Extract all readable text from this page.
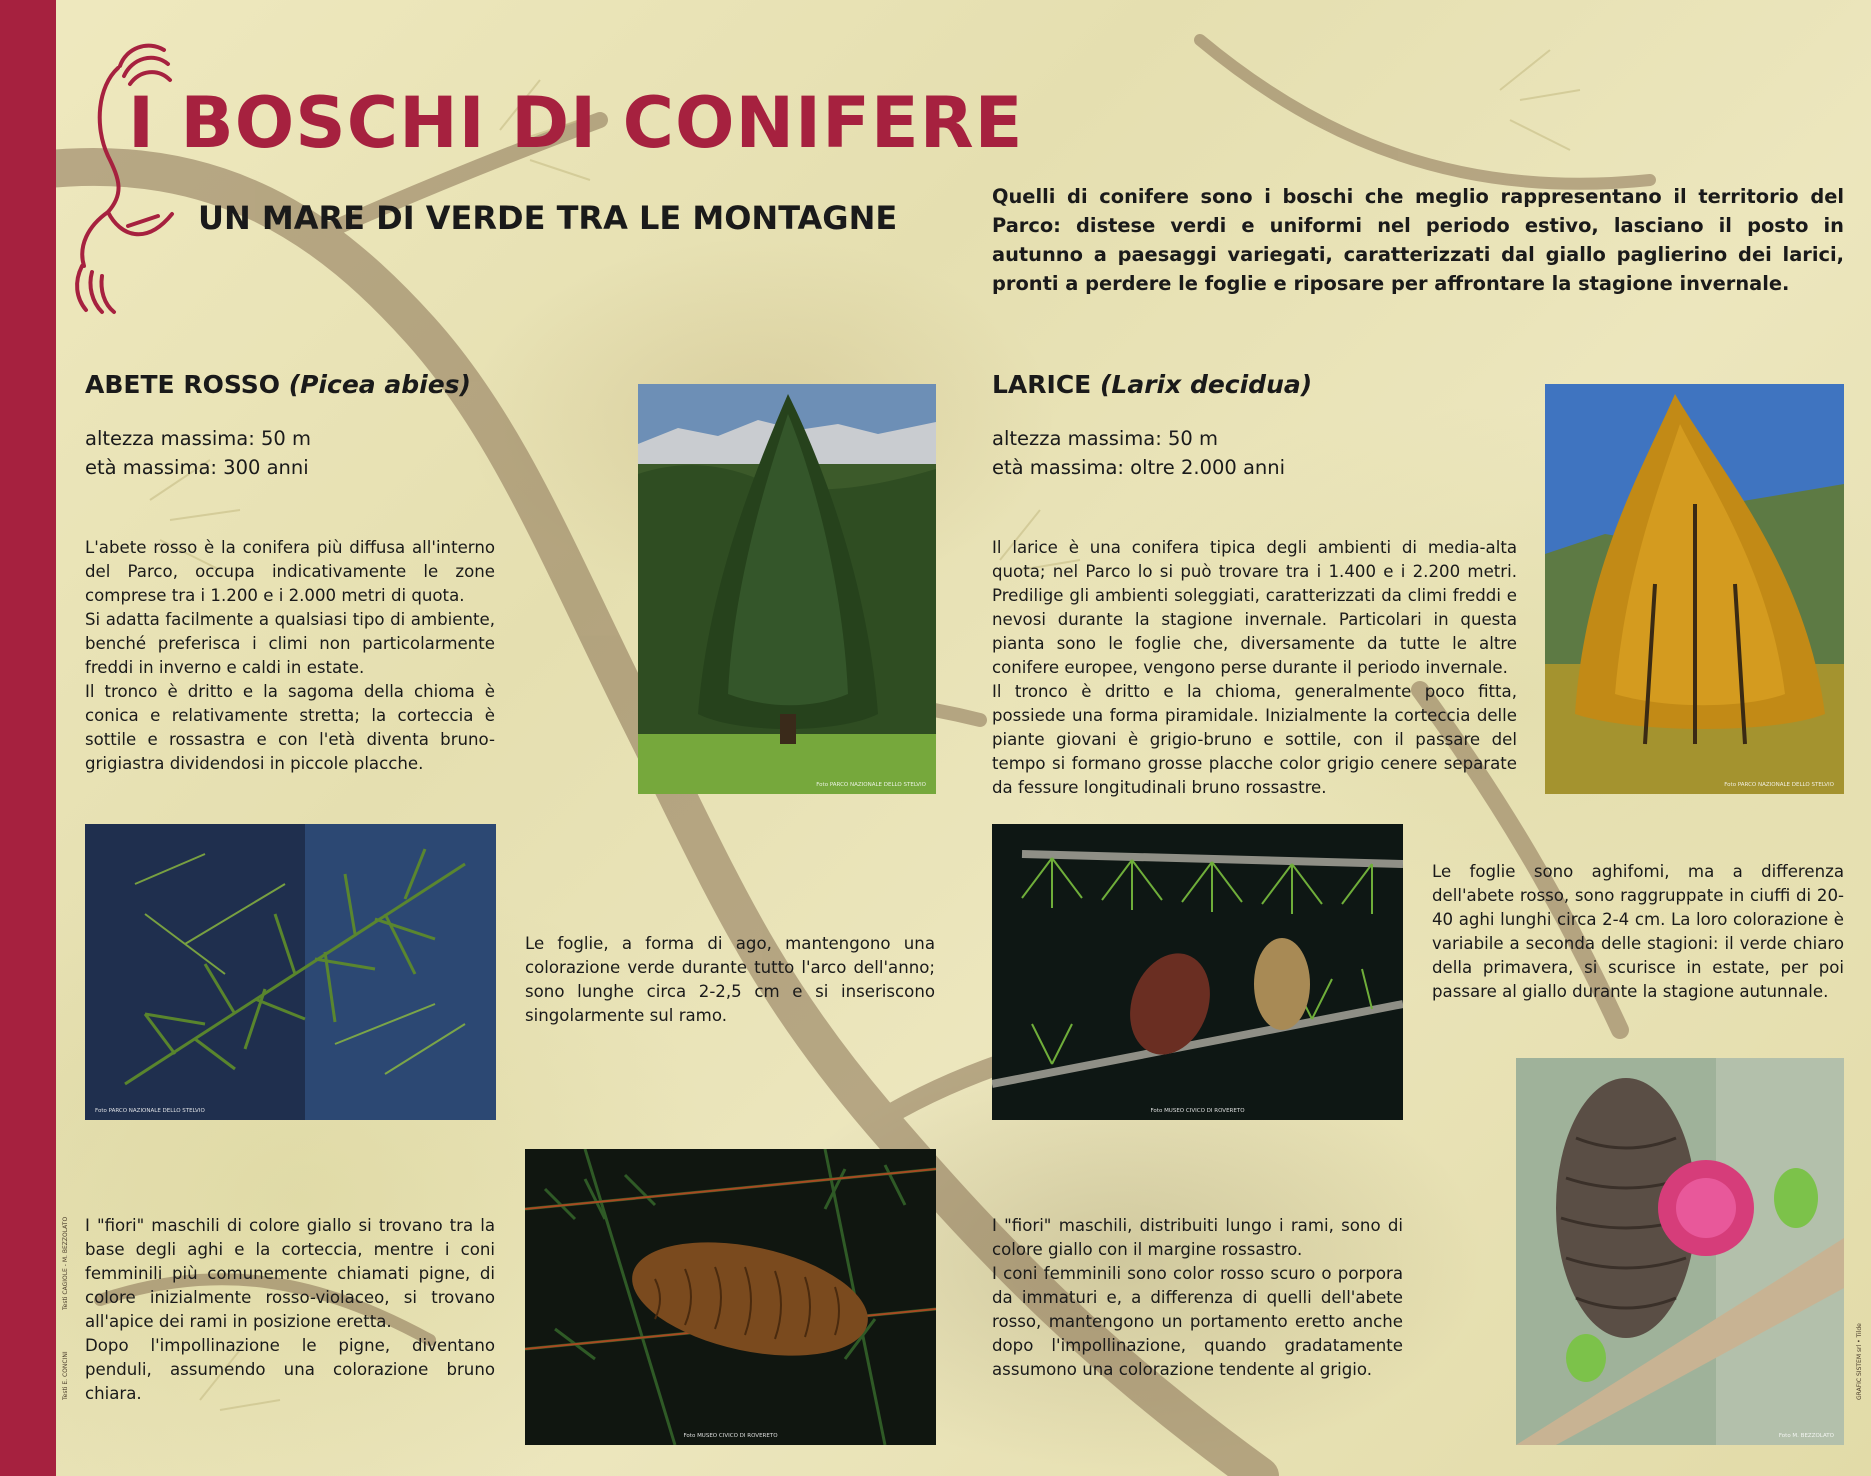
I BOSCHI DI CONIFERE
UN MARE DI VERDE TRA LE MONTAGNE

Quelli di conifere sono i boschi che meglio rappresentano il territorio del Parco: distese verdi e uniformi nel periodo estivo, lasciano il posto in autunno a paesaggi variegati, caratterizzati dal giallo paglierino dei larici, pronti a perdere le foglie e riposare per affrontare la stagione invernale.

ABETE ROSSO (Picea abies)
altezza massima: 50 m
età massima: 300 anni

L'abete rosso è la conifera più diffusa all'interno del Parco, occupa indicativamente le zone comprese tra i 1.200 e i 2.000 metri di quota.
Si adatta facilmente a qualsiasi tipo di ambiente, benché preferisca i climi non particolarmente freddi in inverno e caldi in estate.
Il tronco è dritto e la sagoma della chioma è conica e relativamente stretta; la corteccia è sottile e rossastra e con l'età diventa bruno-grigiastra dividendosi in piccole placche.

Foto PARCO NAZIONALE DELLO STELVIO
Foto PARCO NAZIONALE DELLO STELVIO

Le foglie, a forma di ago, mantengono una colorazione verde durante tutto l'arco dell'anno; sono lunghe circa 2-2,5 cm e si inseriscono singolarmente sul ramo.

I "fiori" maschili di colore giallo si trovano tra la base degli aghi e la corteccia, mentre i coni femminili più comunemente chiamati pigne, di colore inizialmente rosso-violaceo, si trovano all'apice dei rami in posizione eretta.
Dopo l'impollinazione le pigne, diventano penduli, assumendo una colorazione bruno chiara.

Foto MUSEO CIVICO DI ROVERETO
LARICE (Larix decidua)
altezza massima: 50 m
età massima: oltre 2.000 anni

Il larice è una conifera tipica degli ambienti di media-alta quota; nel Parco lo si può trovare tra i 1.400 e i 2.200 metri. Predilige gli ambienti soleggiati, caratterizzati da climi freddi e nevosi durante la stagione invernale. Particolari in questa pianta sono le foglie che, diversamente da tutte le altre conifere europee, vengono perse durante il periodo invernale.
Il tronco è dritto e la chioma, generalmente poco fitta, possiede una forma piramidale. Inizialmente la corteccia delle piante giovani è grigio-bruno e sottile, con il passare del tempo si formano grosse placche color grigio cenere separate da fessure longitudinali bruno rossastre.	Foto PARCO NAZIONALE DELLO STELVIO
Foto MUSEO CIVICO DI ROVERETO

Le foglie sono aghifomi, ma a differenza dell'abete rosso, sono raggruppate in ciuffi di 20-40 aghi lunghi circa 2-4 cm. La loro colorazione è variabile a seconda delle stagioni: il verde chiaro della primavera, si scurisce in estate, per poi passare al giallo durante la stagione autunnale.

I "fiori" maschili, distribuiti lungo i rami, sono di colore giallo con il margine rossastro.
I coni femminili sono color rosso scuro o porpora da immaturi e, a differenza di quelli dell'abete rosso, mantengono un portamento eretto anche dopo l'impollinazione, quando gradatamente assumono una colorazione tendente al grigio.

Foto M. BEZZOLATO
Testi E. CONCINI
Testi CAGIOLE - M. BEZZOLATO
GRAFIC SISTEM srl • Tilde
